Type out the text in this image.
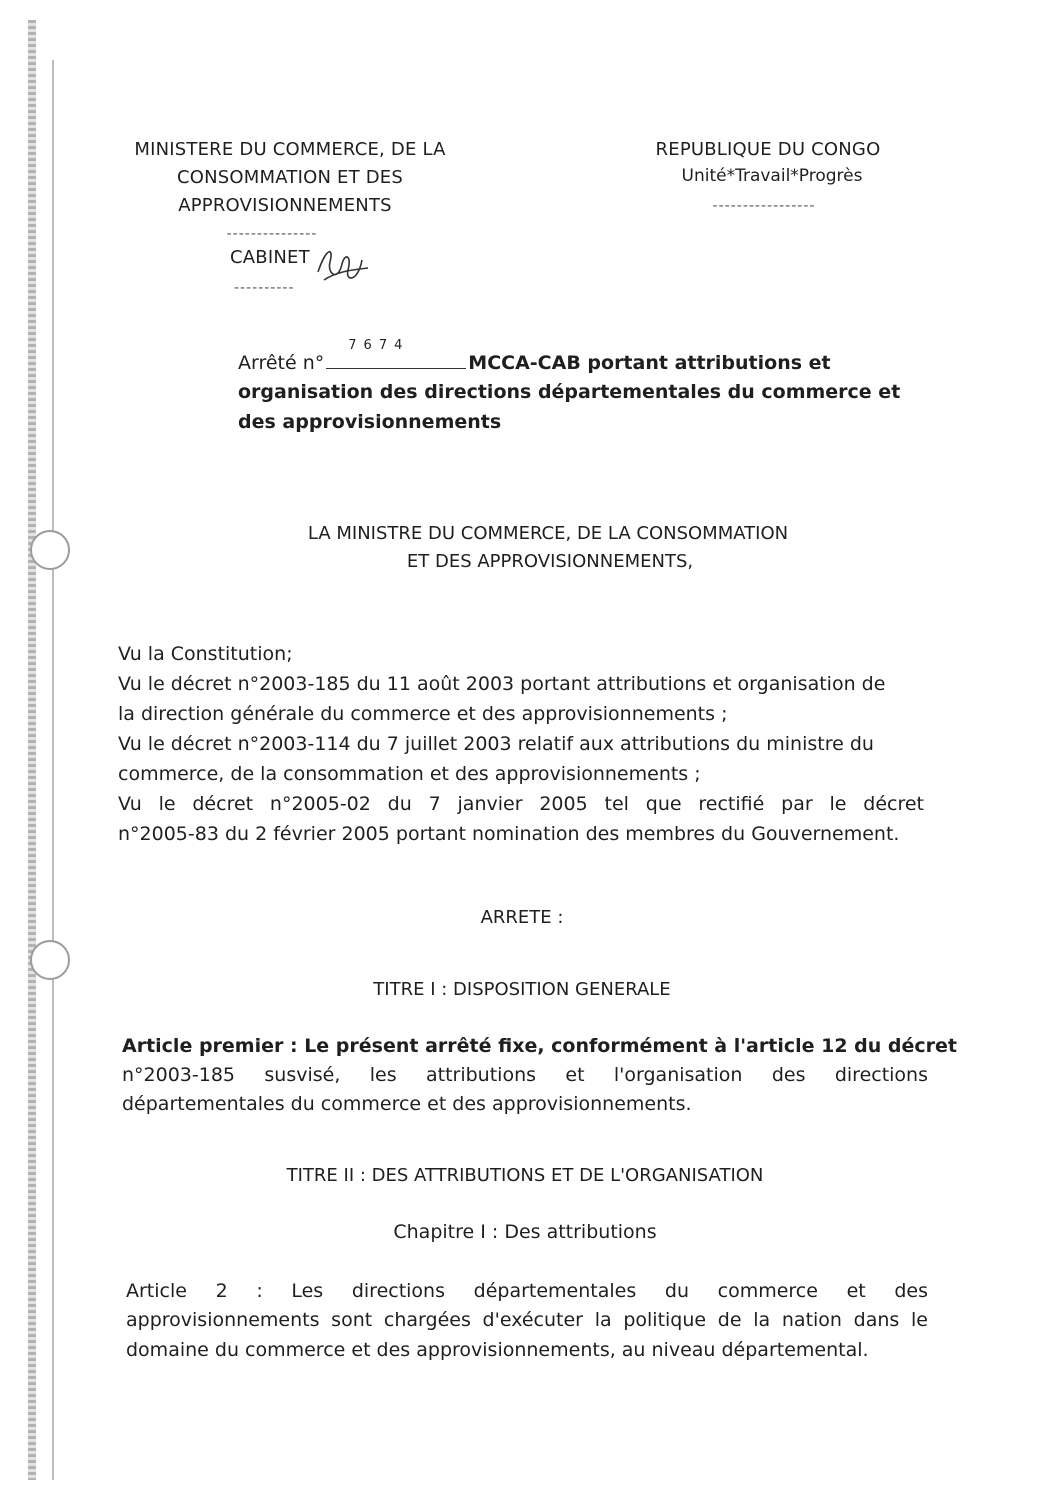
MINISTERE DU COMMERCE, DE LA
CONSOMMATION ET DES
APPROVISIONNEMENTS
---------------
CABINET
----------
REPUBLIQUE DU CONGO
Unité*Travail*Progrès
-----------------
Arrêté n°
7674
MCCA-CAB portant attributions et
organisation des directions départementales du commerce et
des approvisionnements
LA MINISTRE DU COMMERCE, DE LA CONSOMMATION
ET DES APPROVISIONNEMENTS,
Vu la Constitution;
Vu le décret n°2003-185 du 11 août 2003 portant attributions et organisation de
la direction générale du commerce et des approvisionnements ;
Vu le décret n°2003-114 du 7 juillet 2003 relatif aux attributions du ministre du
commerce, de la consommation et des approvisionnements ;
Vu le décret n°2005-02 du 7 janvier 2005 tel que rectifié par le décret
n°2005-83 du 2 février 2005 portant nomination des membres du Gouvernement.
ARRETE :
TITRE I : DISPOSITION GENERALE
Article premier : Le présent arrêté fixe, conformément à l'article 12 du décret
n°2003-185 susvisé, les attributions et l'organisation des directions
départementales du commerce et des approvisionnements.
TITRE II : DES ATTRIBUTIONS ET DE L'ORGANISATION
Chapitre I : Des attributions
Article 2 : Les directions départementales du commerce et des
approvisionnements sont chargées d'exécuter la politique de la nation dans le
domaine du commerce et des approvisionnements, au niveau départemental.
